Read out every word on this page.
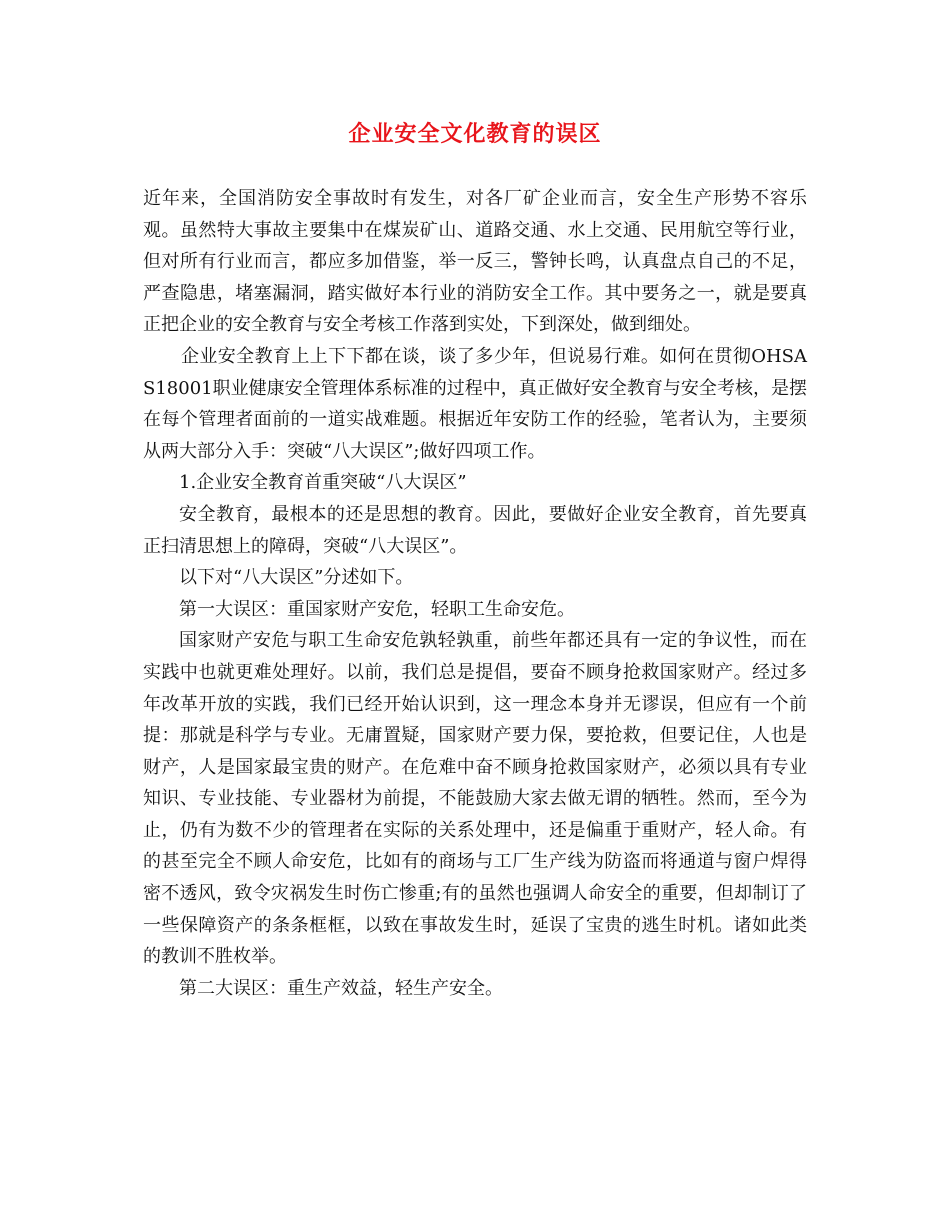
企业安全文化教育的误区

近年来，全国消防安全事故时有发生，对各厂矿企业而言，安全生产形势不容乐观。虽然特大事故主要集中在煤炭矿山、道路交通、水上交通、民用航空等行业，但对所有行业而言，都应多加借鉴，举一反三，警钟长鸣，认真盘点自己的不足，严查隐患，堵塞漏洞，踏实做好本行业的消防安全工作。其中要务之一，就是要真正把企业的安全教育与安全考核工作落到实处，下到深处，做到细处。

企业安全教育上上下下都在谈，谈了多少年，但说易行难。如何在贯彻OHSAS18001职业健康安全管理体系标准的过程中，真正做好安全教育与安全考核，是摆在每个管理者面前的一道实战难题。根据近年安防工作的经验，笔者认为，主要须从两大部分入手：突破“八大误区”;做好四项工作。

1.企业安全教育首重突破“八大误区”

安全教育，最根本的还是思想的教育。因此，要做好企业安全教育，首先要真正扫清思想上的障碍，突破“八大误区”。

以下对“八大误区”分述如下。

第一大误区：重国家财产安危，轻职工生命安危。

国家财产安危与职工生命安危孰轻孰重，前些年都还具有一定的争议性，而在实践中也就更难处理好。以前，我们总是提倡，要奋不顾身抢救国家财产。经过多年改革开放的实践，我们已经开始认识到，这一理念本身并无谬误，但应有一个前提：那就是科学与专业。无庸置疑，国家财产要力保，要抢救，但要记住，人也是财产，人是国家最宝贵的财产。在危难中奋不顾身抢救国家财产，必须以具有专业知识、专业技能、专业器材为前提，不能鼓励大家去做无谓的牺牲。然而，至今为止，仍有为数不少的管理者在实际的关系处理中，还是偏重于重财产，轻人命。有的甚至完全不顾人命安危，比如有的商场与工厂生产线为防盗而将通道与窗户焊得密不透风，致令灾祸发生时伤亡惨重;有的虽然也强调人命安全的重要，但却制订了一些保障资产的条条框框，以致在事故发生时，延误了宝贵的逃生时机。诸如此类的教训不胜枚举。

第二大误区：重生产效益，轻生产安全。
